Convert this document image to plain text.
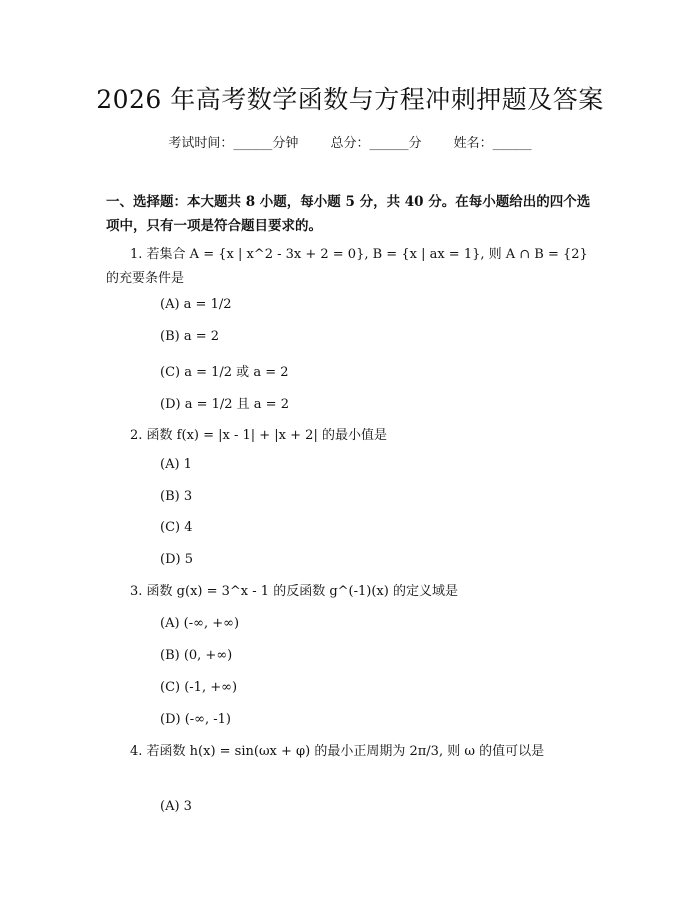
2026 年高考数学函数与方程冲刺押题及答案
考试时间：______分钟 总分：______分 姓名：______
一、选择题：本大题共 8 小题，每小题 5 分，共 40 分。在每小题给出的四个选项中，只有一项是符合题目要求的。
1. 若集合 A = {x | x^2 - 3x + 2 = 0}, B = {x | ax = 1}, 则 A ∩ B = {2} 的充要条件是
(A) a = 1/2
(B) a = 2
(C) a = 1/2 或 a = 2
(D) a = 1/2 且 a = 2
2. 函数 f(x) = |x - 1| + |x + 2| 的最小值是
(A) 1
(B) 3
(C) 4
(D) 5
3. 函数 g(x) = 3^x - 1 的反函数 g^(-1)(x) 的定义域是
(A) (-∞, +∞)
(B) (0, +∞)
(C) (-1, +∞)
(D) (-∞, -1)
4. 若函数 h(x) = sin(ωx + φ) 的最小正周期为 2π/3, 则 ω 的值可以是
(A) 3
